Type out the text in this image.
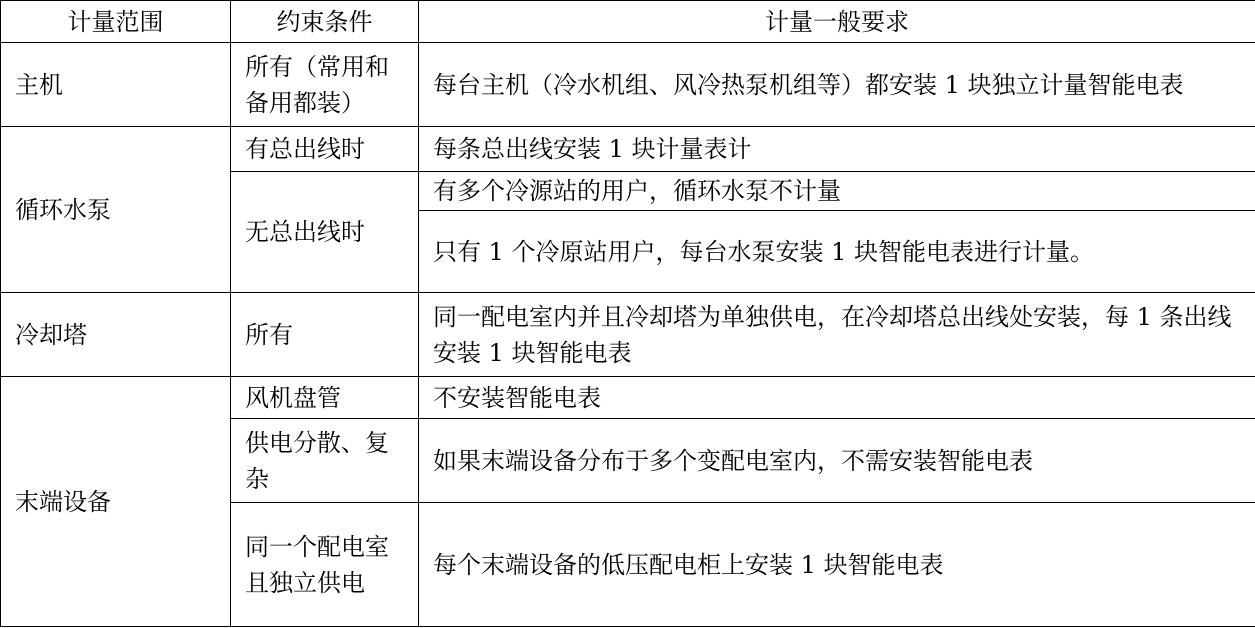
计量范围	约束条件	计量一般要求
主机	所有（常用和备用都装）	每台主机（冷水机组、风冷热泵机组等）都安装 1 块独立计量智能电表
循环水泵	有总出线时	每条总出线安装 1 块计量表计
	无总出线时	有多个冷源站的用户，循环水泵不计量
		只有 1 个冷原站用户，每台水泵安装 1 块智能电表进行计量。
冷却塔	所有	同一配电室内并且冷却塔为单独供电，在冷却塔总出线处安装，每 1 条出线安装 1 块智能电表
末端设备	风机盘管	不安装智能电表
	供电分散、复杂	如果末端设备分布于多个变配电室内，不需安装智能电表
	同一个配电室且独立供电	每个末端设备的低压配电柜上安装 1 块智能电表
